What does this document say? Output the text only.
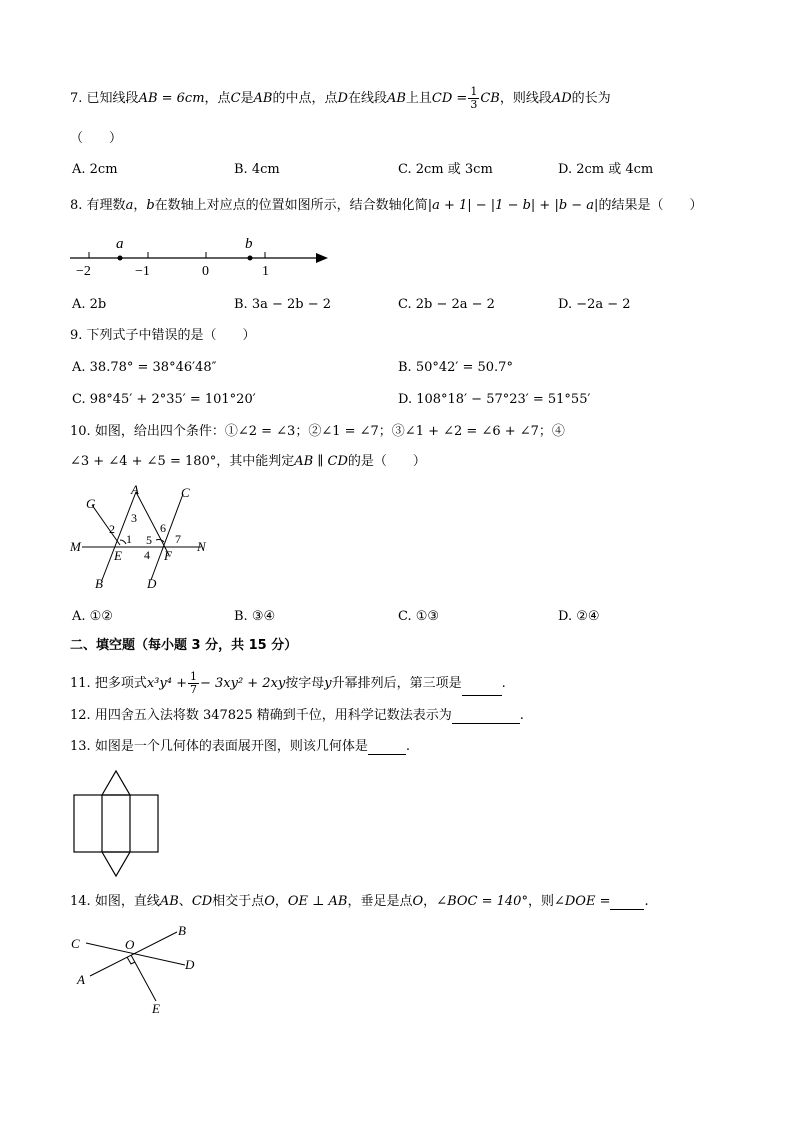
7. 已知线段AB = 6cm，点C是AB的中点，点D在线段AB上且CD = $\frac{1}{3}$ CB，则线段AD的长为
（　　）
A. 2cm	B. 4cm	C. 2cm 或 3cm	D. 2cm 或 4cm
8. 有理数a，b在数轴上对应点的位置如图所示，结合数轴化简|a + 1| − |1 − b| + |b − a|的结果是（　　）
a	b
−2	−1	0	1
A. 2b	B. 3a − 2b − 2	C. 2b − 2a − 2	D. −2a − 2
9. 下列式子中错误的是（　　）
A. 38.78° = 38°46′48″	B. 50°42′ = 50.7°
C. 98°45′ + 2°35′ = 101°20′	D. 108°18′ − 57°23′ = 51°55′
10. 如图，给出四个条件：①∠2 = ∠3；②∠1 = ∠7；③∠1 + ∠2 = ∠6 + ∠7；④
∠3 + ∠4 + ∠5 = 180°，其中能判定AB ∥ CD的是（　　）
G
A	C
M	N
E	F
B	D
2
1
3
5
4
6
7
A. ①②	B. ③④	C. ①③	D. ②④
二、填空题（每小题 3 分，共 15 分）
11. 把多项式$x^3y^4 + \frac{1}{7} - 3xy^2 + 2xy$按字母y升幂排列后，第三项是	.
12. 用四舍五入法将数 347825 精确到千位，用科学记数法表示为	.
13. 如图是一个几何体的表面展开图，则该几何体是	.
14. 如图，直线AB、CD相交于点O，OE ⊥ AB，垂足是点O，∠BOC = 140°，则∠DOE =	.
C	O
B
D
A
E
